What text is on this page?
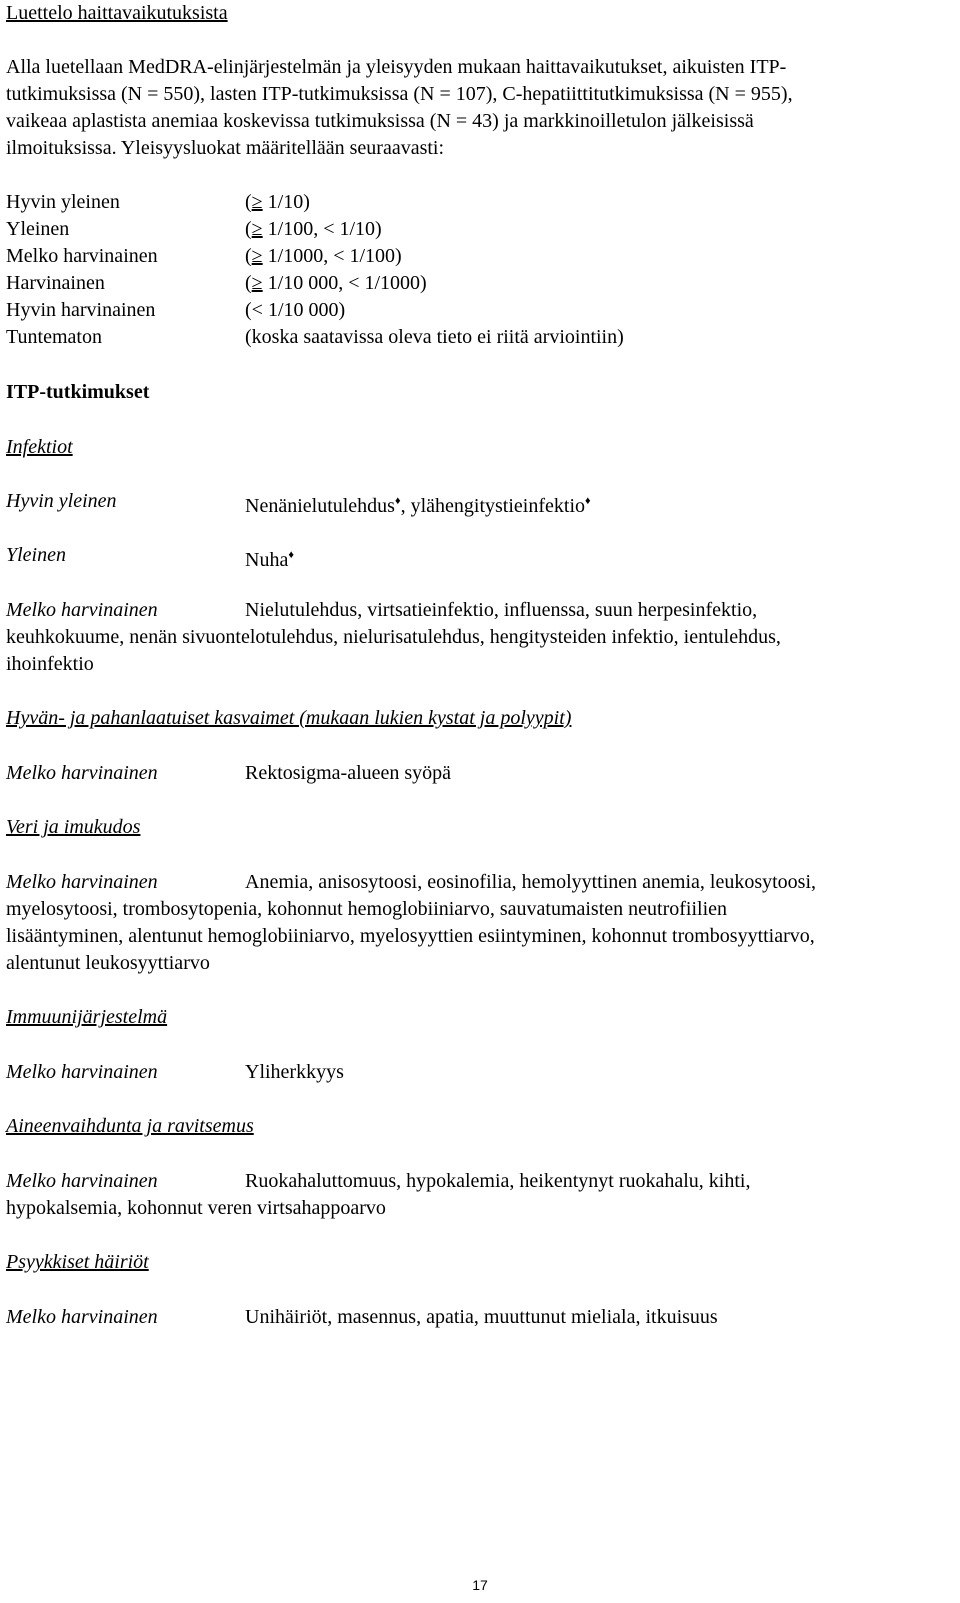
Luettelo haittavaikutuksista
Alla luetellaan MedDRA-elinjärjestelmän ja yleisyyden mukaan haittavaikutukset, aikuisten ITP-
tutkimuksissa (N = 550), lasten ITP-tutkimuksissa (N = 107), C-hepatiittitutkimuksissa (N = 955),
vaikeaa aplastista anemiaa koskevissa tutkimuksissa (N = 43) ja markkinoilletulon jälkeisissä
ilmoituksissa. Yleisyysluokat määritellään seuraavasti:
Hyvin yleinen	(≥ 1/10)
Yleinen	(≥ 1/100, < 1/10)
Melko harvinainen	(≥ 1/1000, < 1/100)
Harvinainen	(≥ 1/10 000, < 1/1000)
Hyvin harvinainen	(< 1/10 000)
Tuntematon	(koska saatavissa oleva tieto ei riitä arviointiin)
ITP-tutkimukset
Infektiot
Hyvin yleinen	Nenänielutulehdus♦, ylähengitystieinfektio♦
Yleinen	Nuha♦
Melko harvinainen	Nielutulehdus, virtsatieinfektio, influenssa, suun herpesinfektio,
keuhkokuume, nenän sivuontelotulehdus, nielurisatulehdus, hengitysteiden infektio, ientulehdus,
ihoinfektio
Hyvän- ja pahanlaatuiset kasvaimet (mukaan lukien kystat ja polyypit)
Melko harvinainen	Rektosigma-alueen syöpä
Veri ja imukudos
Melko harvinainen	Anemia, anisosytoosi, eosinofilia, hemolyyttinen anemia, leukosytoosi,
myelosytoosi, trombosytopenia, kohonnut hemoglobiiniarvo, sauvatumaisten neutrofiilien
lisääntyminen, alentunut hemoglobiiniarvo, myelosyyttien esiintyminen, kohonnut trombosyyttiarvo,
alentunut leukosyyttiarvo
Immuunijärjestelmä
Melko harvinainen	Yliherkkyys
Aineenvaihdunta ja ravitsemus
Melko harvinainen	Ruokahaluttomuus, hypokalemia, heikentynyt ruokahalu, kihti,
hypokalsemia, kohonnut veren virtsahappoarvo
Psyykkiset häiriöt
Melko harvinainen	Unihäiriöt, masennus, apatia, muuttunut mieliala, itkuisuus
17
